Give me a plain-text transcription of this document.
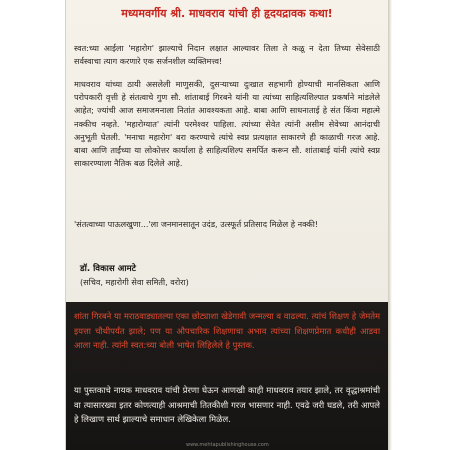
मध्यमवर्गीय श्री. माधवराव यांची ही हृदयद्रावक कथा!

स्वत:च्या आईला 'महारोग' झाल्याचे निदान लक्षात आल्यावर तिला ते कळू न देता तिच्या सेवेसाठी सर्वस्वाचा त्याग करणारे एक सर्जनशील व्यक्तिमत्त्व!

माधवराव यांच्या ठायी असलेली माणुसकी, दुसऱ्याच्या दुःखात सहभागी होण्याची मानसिकता आणि परोपकारी वृत्ती हे संतत्वाचे गुण सौ. शांताबाई गिरबने यांनी या त्यांच्या साहित्यशिल्पात प्रकर्षाने मांडलेले आहेत; ज्यांची आज समाजमनाला नितांत आवश्यकता आहे. बाबा आणि साधनाताई हे संत किंवा महात्मे नक्कीच नव्हते. 'महारोग्यात' त्यांनी परमेश्वर पाहिला. त्यांच्या सेवेत त्यांनी असीम सेवेच्या आनंदाची अनुभूती घेतली. 'मनाचा महारोग' बरा करण्याचे त्यांचे स्वप्न प्रत्यक्षात साकारणे ही काळाची गरज आहे. बाबा आणि ताईंच्या या लोकोत्तर कार्याला हे साहित्यशिल्प समर्पित करून सौ. शांताबाई यांनी त्यांचे स्वप्न साकारण्याला नैतिक बळ दिलेले आहे.

'संतत्वाच्या पाऊलखुणा...'ला जनमानसातून उदंड, उत्स्फूर्त प्रतिसाद मिळेल हे नक्की!

डॉ. विकास आमटे
(सचिव, महारोगी सेवा समिती, वरोरा)

शांता गिरबने या मराठवाड्यातल्या एका छोट्याशा खेडेगावी जन्मल्या व वाढल्या. त्यांचं शिक्षण हे जेमतेम इयत्ता चौथीपर्यंत झाले; पण या औपचारिक शिक्षणाचा अभाव त्यांच्या शिक्षणप्रेमात कधीही आडवा आला नाही. त्यांनी स्वत:च्या बोली भाषेत लिहिलेले हे पुस्तक.

या पुस्तकाचे नायक माधवराव यांची प्रेरणा घेऊन आणखी काही माधवराव तयार झाले, तर वृद्धाश्रमांची वा त्यासारख्या इतर कोणत्याही आश्रमाची तितकीशी गरज भासणार नाही. एवढे जरी घडले, तरी आपले हे लिखाण सार्थ झाल्याचे समाधान लेखिकेला मिळेल.

www.mehtapublishinghouse.com
